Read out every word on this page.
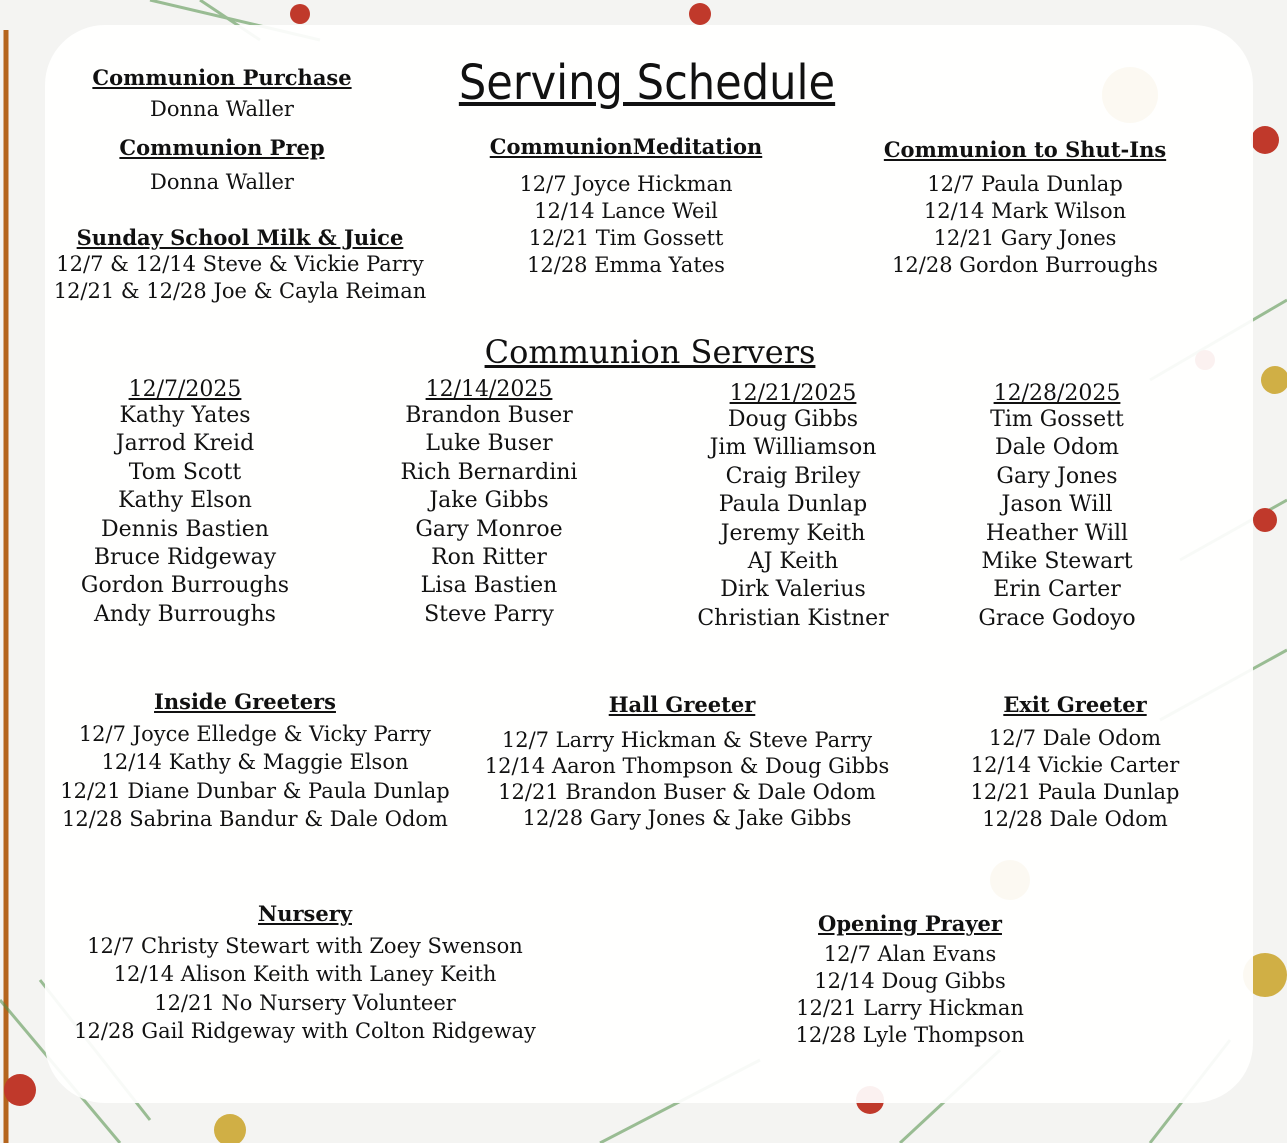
Serving Schedule
Communion Purchase
Donna Waller
Communion Prep
Donna Waller
Sunday School Milk & Juice
12/7 & 12/14 Steve & Vickie Parry
12/21 & 12/28 Joe & Cayla Reiman
CommunionMeditation
12/7 Joyce Hickman
12/14 Lance Weil
12/21 Tim Gossett
12/28 Emma Yates
Communion to Shut-Ins
12/7 Paula Dunlap
12/14 Mark Wilson
12/21 Gary Jones
12/28 Gordon Burroughs
Communion Servers
12/7/2025
Kathy Yates
Jarrod Kreid
Tom Scott
Kathy Elson
Dennis Bastien
Bruce Ridgeway
Gordon Burroughs
Andy Burroughs
12/14/2025
Brandon Buser
Luke Buser
Rich Bernardini
Jake Gibbs
Gary Monroe
Ron Ritter
Lisa Bastien
Steve Parry
12/21/2025
Doug Gibbs
Jim Williamson
Craig Briley
Paula Dunlap
Jeremy Keith
AJ Keith
Dirk Valerius
Christian Kistner
12/28/2025
Tim Gossett
Dale Odom
Gary Jones
Jason Will
Heather Will
Mike Stewart
Erin Carter
Grace Godoyo
Inside Greeters
12/7 Joyce Elledge & Vicky Parry
12/14 Kathy & Maggie Elson
12/21 Diane Dunbar & Paula Dunlap
12/28 Sabrina Bandur & Dale Odom
Hall Greeter
12/7 Larry Hickman & Steve Parry
12/14 Aaron Thompson & Doug Gibbs
12/21 Brandon Buser & Dale Odom
12/28 Gary Jones & Jake Gibbs
Exit Greeter
12/7 Dale Odom
12/14 Vickie Carter
12/21 Paula Dunlap
12/28 Dale Odom
Nursery
12/7 Christy Stewart with Zoey Swenson
12/14 Alison Keith with Laney Keith
12/21 No Nursery Volunteer
12/28 Gail Ridgeway with Colton Ridgeway
Opening Prayer
12/7 Alan Evans
12/14 Doug Gibbs
12/21 Larry Hickman
12/28 Lyle Thompson
